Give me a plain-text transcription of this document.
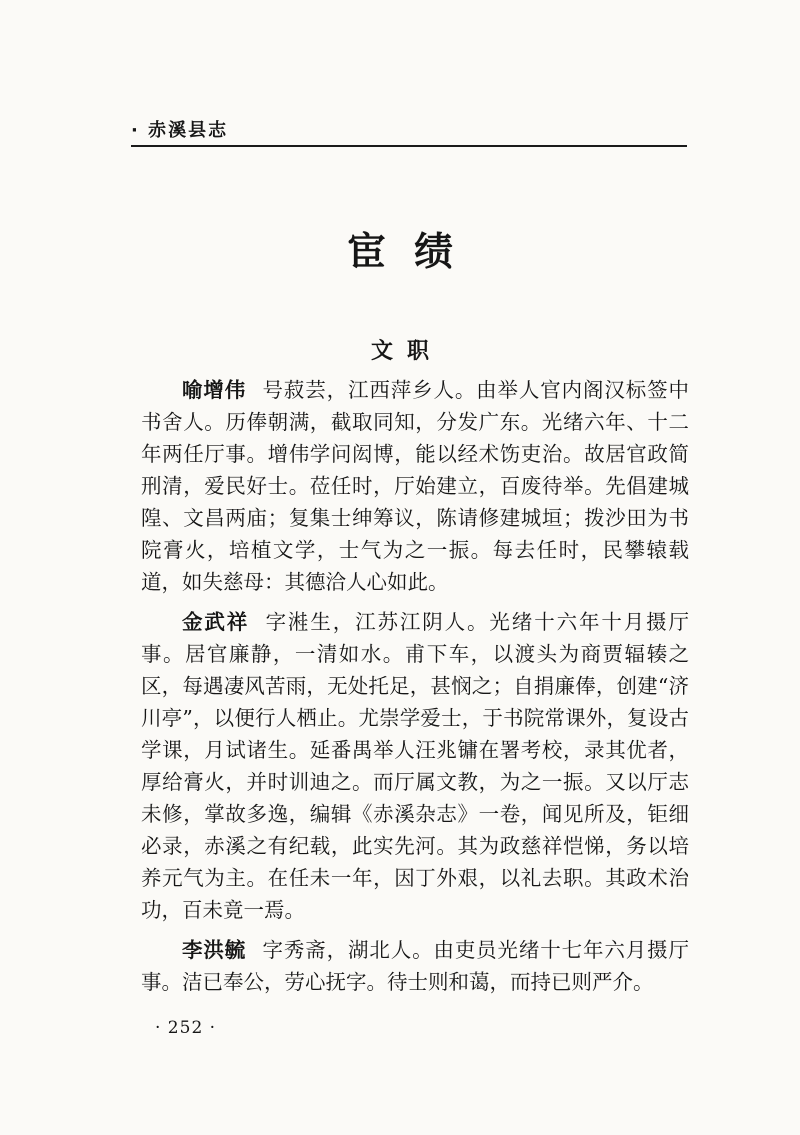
· 赤溪县志
宦绩
文职

喻增伟 号菽芸，江西萍乡人。由举人官内阁汉标签中书舍人。历俸朝满，截取同知，分发广东。光绪六年、十二年两任厅事。增伟学问闳博，能以经术饬吏治。故居官政简刑清，爱民好士。莅任时，厅始建立，百废待举。先倡建城隍、文昌两庙；复集士绅筹议，陈请修建城垣；拨沙田为书院膏火，培植文学，士气为之一振。每去任时，民攀辕载道，如失慈母：其德洽人心如此。

金武祥 字溎生，江苏江阴人。光绪十六年十月摄厅事。居官廉静，一清如水。甫下车，以渡头为商贾辐辏之区，每遇凄风苦雨，无处托足，甚悯之；自捐廉俸，创建“济川亭”，以便行人栖止。尤崇学爱士，于书院常课外，复设古学课，月试诸生。延番禺举人汪兆镛在署考校，录其优者，厚给膏火，并时训迪之。而厅属文教，为之一振。又以厅志未修，掌故多逸，编辑《赤溪杂志》一卷，闻见所及，钜细必录，赤溪之有纪载，此实先河。其为政慈祥恺悌，务以培养元气为主。在任未一年，因丁外艰，以礼去职。其政术治功，百未竟一焉。

李洪毓 字秀斋，湖北人。由吏员光绪十七年六月摄厅事。洁已奉公，劳心抚字。待士则和蔼，而持已则严介。

· 252 ·
